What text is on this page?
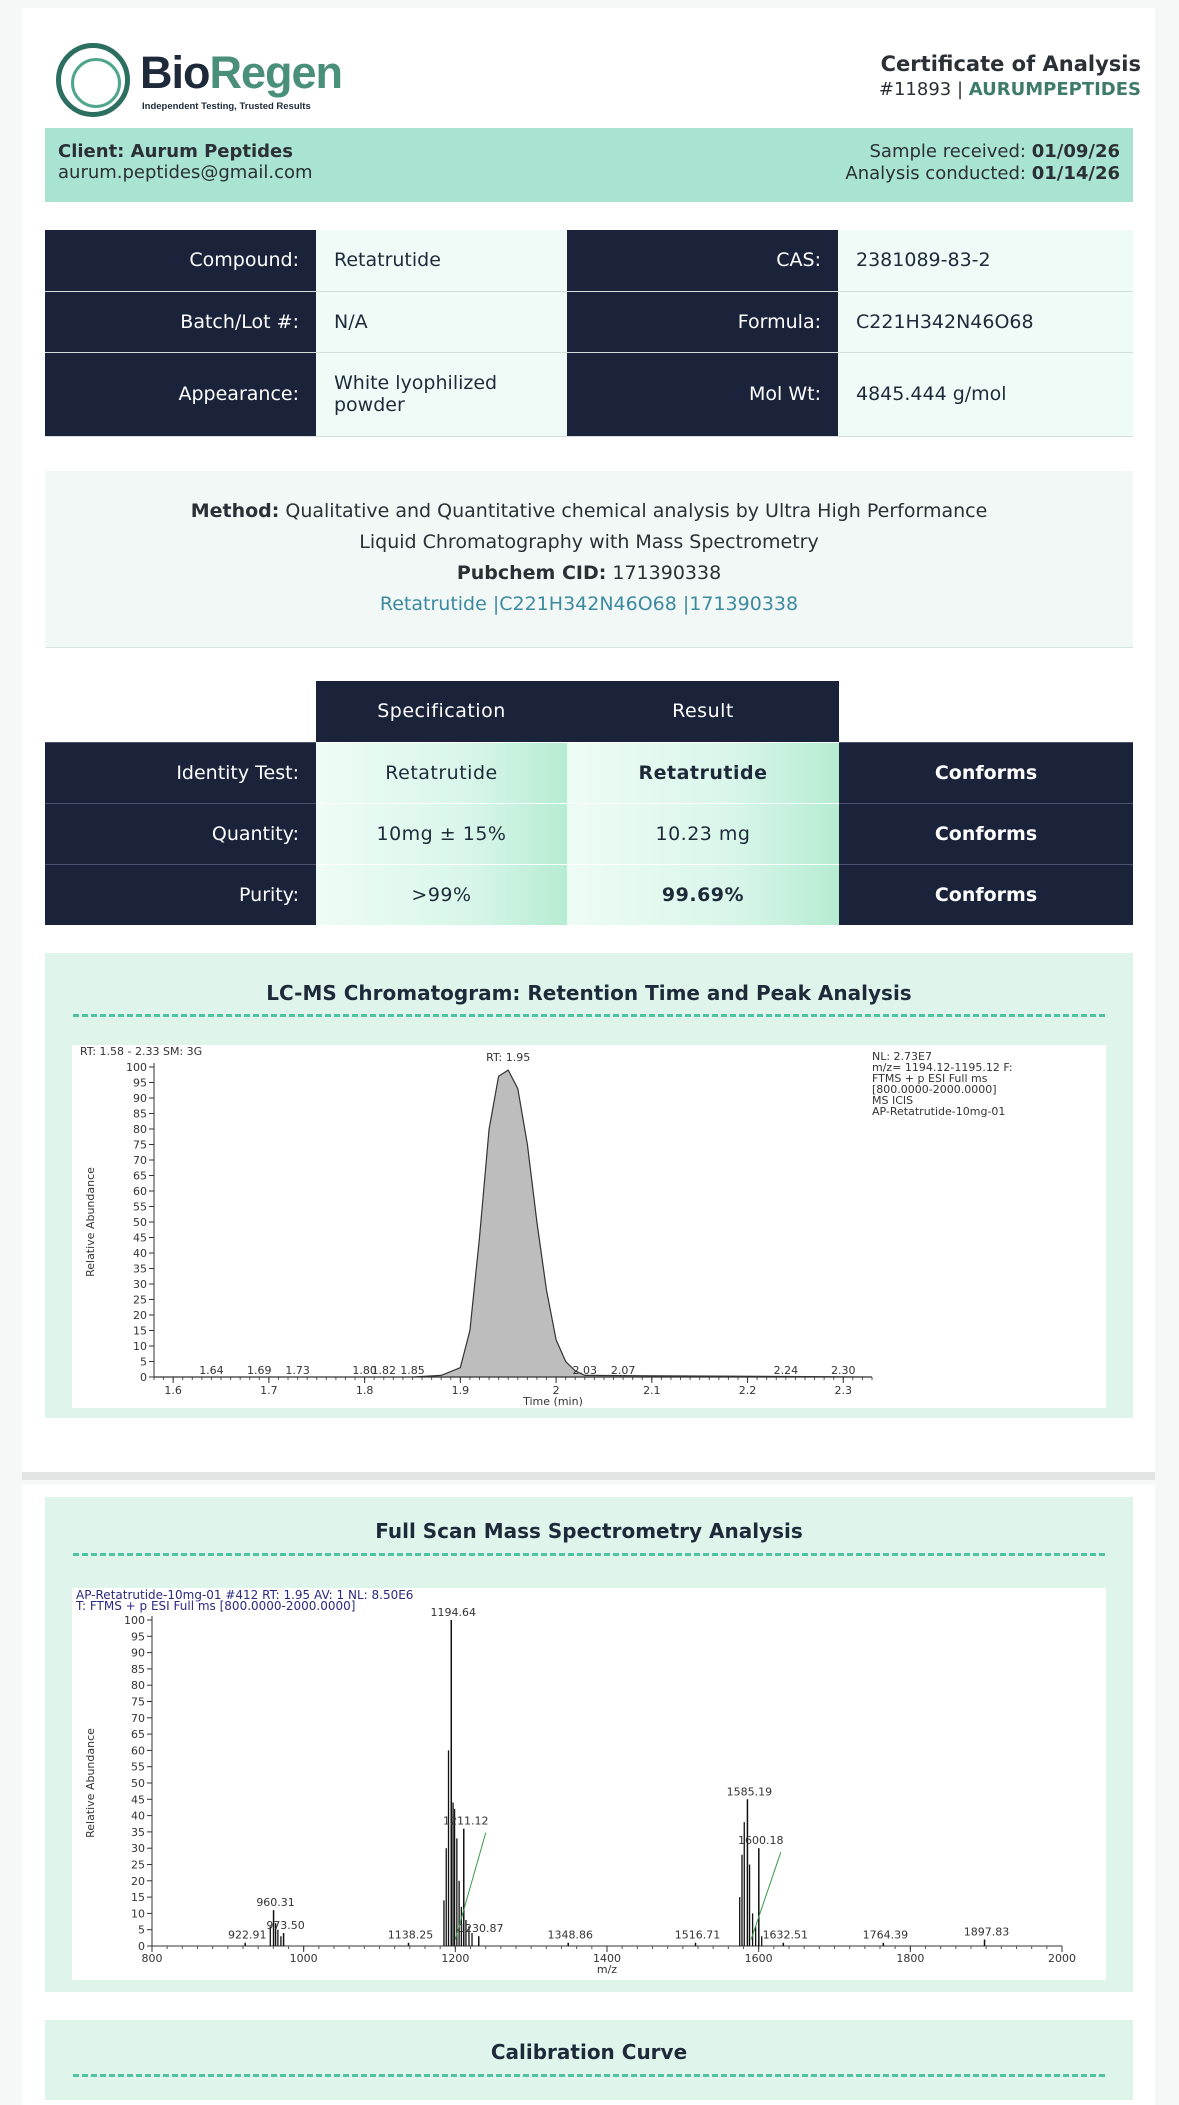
BioRegen
Independent Testing, Trusted Results
Certificate of Analysis
#11893 | AURUMPEPTIDES
Client: Aurum Peptides
aurum.peptides@gmail.com
Sample received: 01/09/26
Analysis conducted: 01/14/26
Compound:	Retatrutide	CAS:	2381089-83-2
Batch/Lot #:	N/A	Formula:	C221H342N46O68
Appearance:	White lyophilized powder	Mol Wt:	4845.444 g/mol
Method: Qualitative and Quantitative chemical analysis by Ultra High Performance Liquid Chromatography with Mass Spectrometry
Pubchem CID: 171390338
Retatrutide |C221H342N46O68 |171390338
	Specification	Result	
Identity Test:	Retatrutide	Retatrutide	Conforms
Quantity:	10mg ± 15%	10.23 mg	Conforms
Purity:	>99%	99.69%	Conforms
LC-MS Chromatogram: Retention Time and Peak Analysis
RT: 1.58 - 2.33 SM: 3G	NL: 2.73E7
m/z= 1194.12-1195.12 F:
FTMS + p ESI Full ms
[800.0000-2000.0000]
MS ICIS
AP-Retatrutide-10mg-01
0
5
10
15
20
25
30
35
40
45
50
55
60
65
70
75
80
85
90
95
100
1.6	1.7	1.8	1.9	2	2.1	2.2	2.3
Time (min)
Relative Abundance
RT: 1.95
1.64 1.69 1.73	1.80
1.82 1.85	2.03 2.07	2.24	2.30
Full Scan Mass Spectrometry Analysis
AP-Retatrutide-10mg-01 #412 RT: 1.95 AV: 1 NL: 8.50E6
T: FTMS + p ESI Full ms [800.0000-2000.0000]
0
5
10
15
20
25
30
35
40
45
50
55
60
65
70
75
80
85
90
95
100
800	1000	1200	1400	1600	1800	2000
m/z
Relative Abundance
922.91
960.31
973.50
1138.25
1194.64
1211.12
1230.87
1348.86	1516.71
1585.19
1600.18
1632.51	1764.39	1897.83
Calibration Curve
